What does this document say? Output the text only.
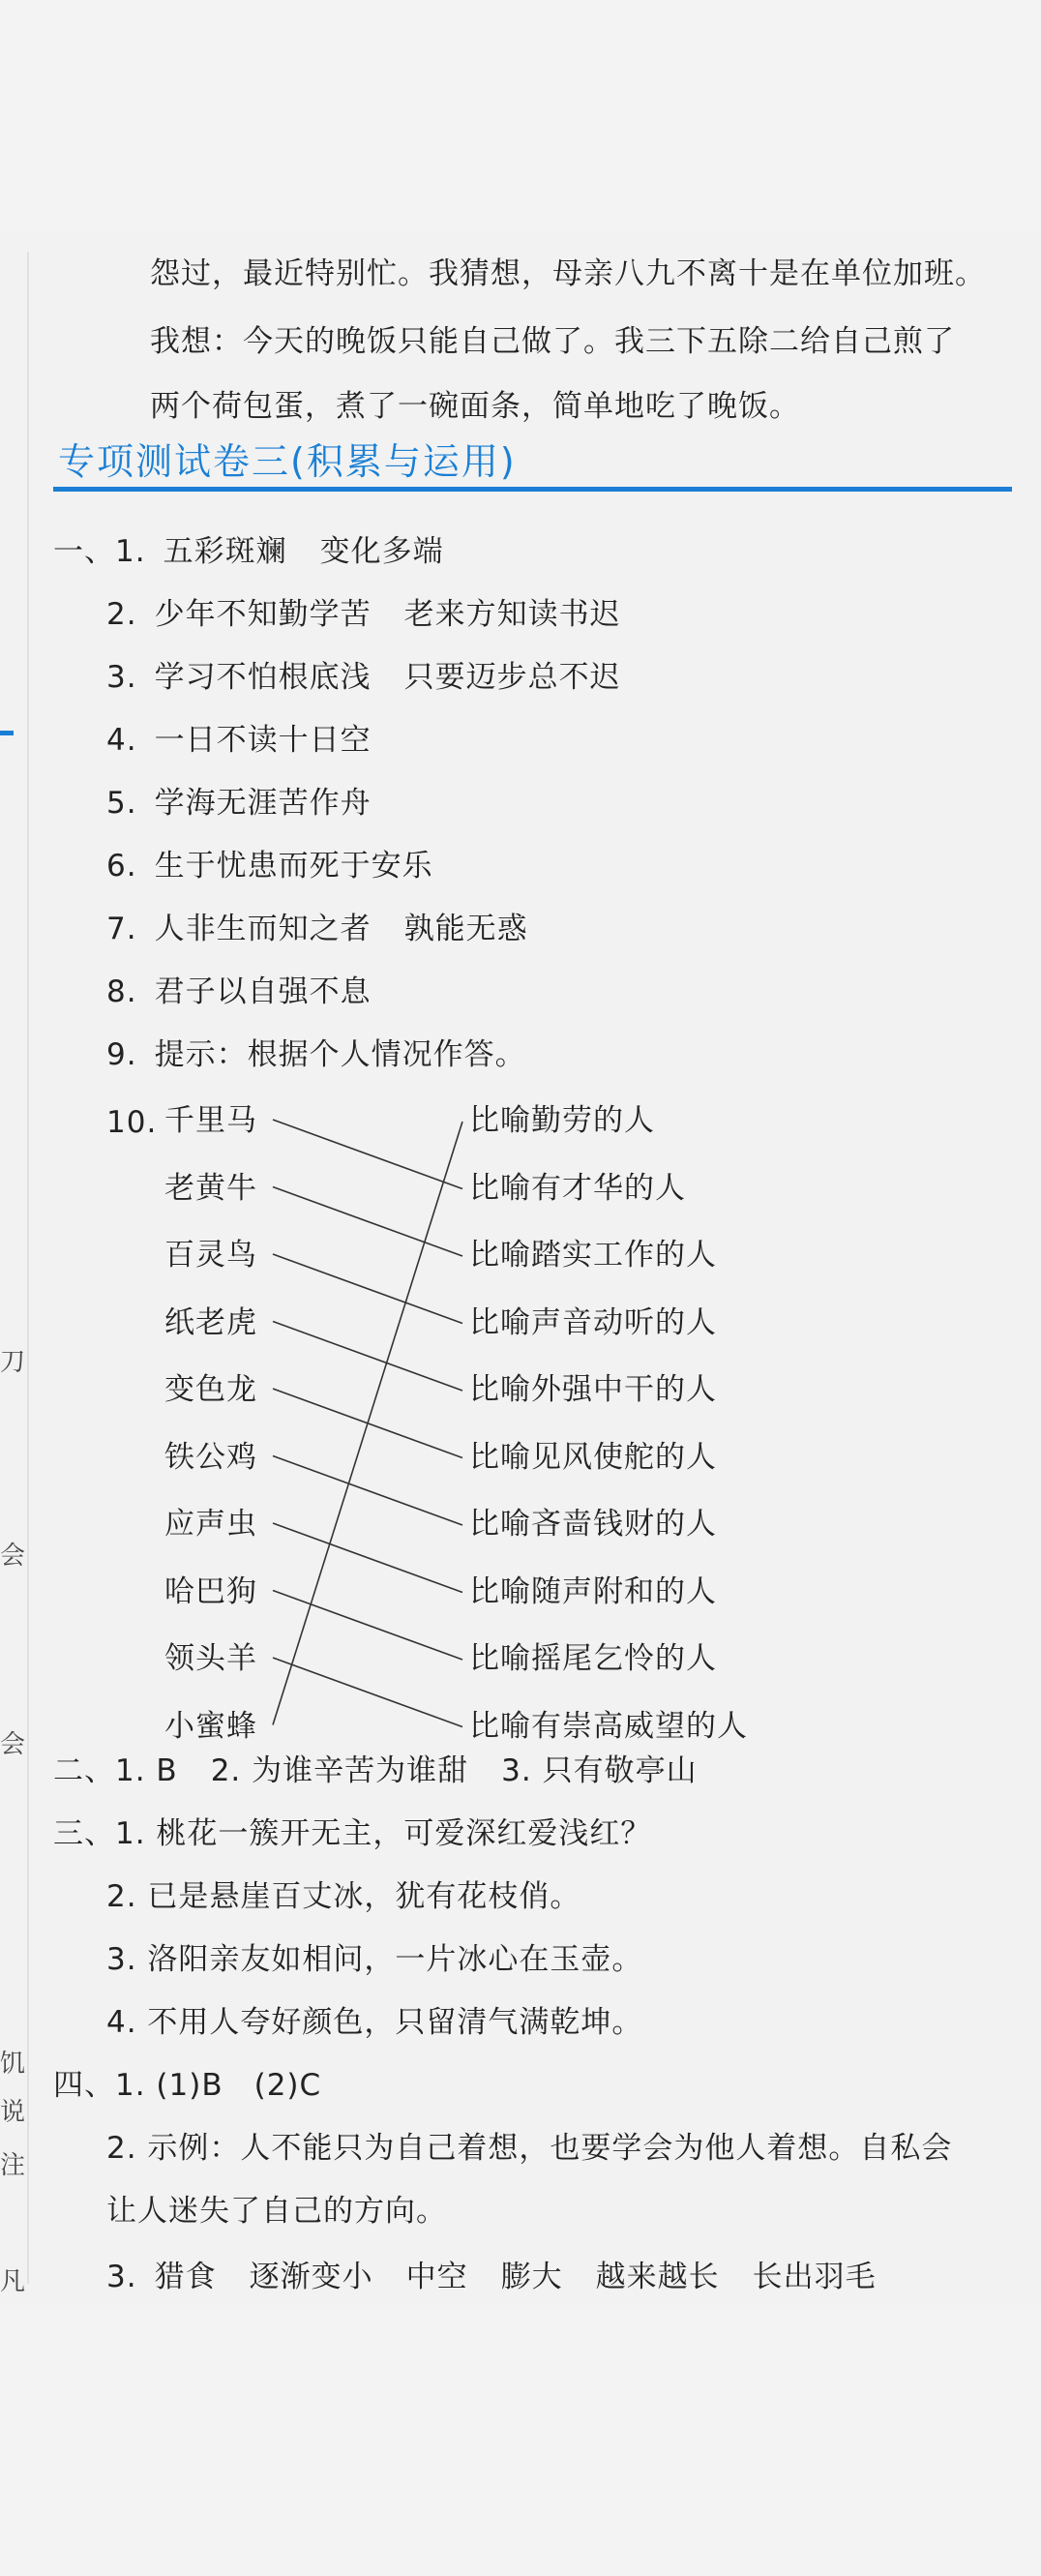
刀
会
会
饥
说
注
凡
怨过，最近特别忙。我猜想，母亲八九不离十是在单位加班。
我想：今天的晚饭只能自己做了。我三下五除二给自己煎了
两个荷包蛋，煮了一碗面条，简单地吃了晚饭。
专项测试卷三(积累与运用)
一、1. 五彩斑斓 变化多端
2. 少年不知勤学苦 老来方知读书迟
3. 学习不怕根底浅 只要迈步总不迟
4. 一日不读十日空
5. 学海无涯苦作舟
6. 生于忧患而死于安乐
7. 人非生而知之者 孰能无惑
8. 君子以自强不息
9. 提示：根据个人情况作答。
10. 千里马
老黄牛
百灵鸟
纸老虎
变色龙
铁公鸡
应声虫
哈巴狗
领头羊
小蜜蜂
比喻勤劳的人
比喻有才华的人
比喻踏实工作的人
比喻声音动听的人
比喻外强中干的人
比喻见风使舵的人
比喻吝啬钱财的人
比喻随声附和的人
比喻摇尾乞怜的人
比喻有崇高威望的人
二、1. B 2. 为谁辛苦为谁甜 3. 只有敬亭山
三、1. 桃花一簇开无主，可爱深红爱浅红？
2. 已是悬崖百丈冰，犹有花枝俏。
3. 洛阳亲友如相问，一片冰心在玉壶。
4. 不用人夸好颜色，只留清气满乾坤。
四、1. (1)B　(2)C
2. 示例：人不能只为自己着想，也要学会为他人着想。自私会
让人迷失了自己的方向。
3. 猎食 逐渐变小 中空 膨大 越来越长 长出羽毛
